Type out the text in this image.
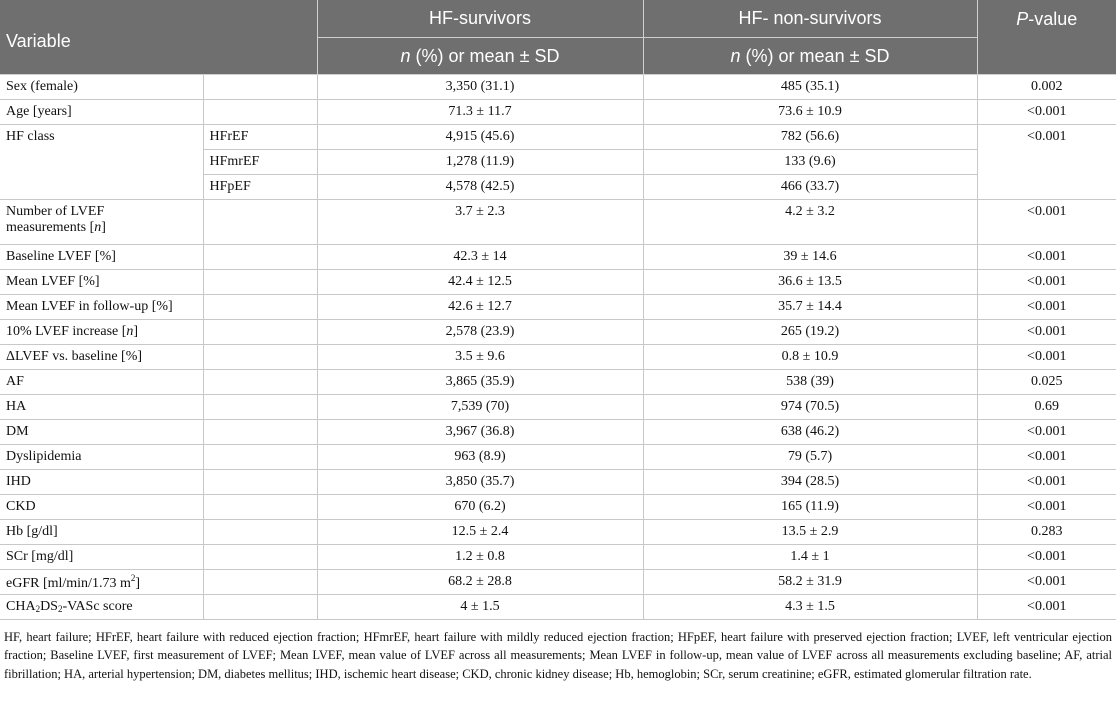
Variable		HF-survivors	HF- non-survivors	P-value
		n (%) or mean ± SD	n (%) or mean ± SD	
Sex (female)		3,350 (31.1)	485 (35.1)	0.002
Age [years]		71.3 ± 11.7	73.6 ± 10.9	<0.001
HF class	HFrEF	4,915 (45.6)	782 (56.6)	<0.001
	HFmrEF	1,278 (11.9)	133 (9.6)	
	HFpEF	4,578 (42.5)	466 (33.7)	
Number of LVEF
measurements [n]		3.7 ± 2.3	4.2 ± 3.2	<0.001
Baseline LVEF [%]		42.3 ± 14	39 ± 14.6	<0.001
Mean LVEF [%]		42.4 ± 12.5	36.6 ± 13.5	<0.001
Mean LVEF in follow-up [%]		42.6 ± 12.7	35.7 ± 14.4	<0.001
10% LVEF increase [n]		2,578 (23.9)	265 (19.2)	<0.001
ΔLVEF vs. baseline [%]		3.5 ± 9.6	0.8 ± 10.9	<0.001
AF		3,865 (35.9)	538 (39)	0.025
HA		7,539 (70)	974 (70.5)	0.69
DM		3,967 (36.8)	638 (46.2)	<0.001
Dyslipidemia		963 (8.9)	79 (5.7)	<0.001
IHD		3,850 (35.7)	394 (28.5)	<0.001
CKD		670 (6.2)	165 (11.9)	<0.001
Hb [g/dl]		12.5 ± 2.4	13.5 ± 2.9	0.283
SCr [mg/dl]		1.2 ± 0.8	1.4 ± 1	<0.001
eGFR [ml/min/1.73 $m^2$]		68.2 ± 28.8	58.2 ± 31.9	<0.001
$CHA_2DS_2$-VASc score		4 ± 1.5	4.3 ± 1.5	<0.001
HF, heart failure; HFrEF, heart failure with reduced ejection fraction; HFmrEF, heart failure with mildly reduced ejection fraction; HFpEF, heart failure with preserved ejection fraction; LVEF, left ventricular ejection fraction; Baseline LVEF, first measurement of LVEF; Mean LVEF, mean value of LVEF across all measurements; Mean LVEF in follow-up, mean value of LVEF across all measurements excluding baseline; AF, atrial fibrillation; HA, arterial hypertension; DM, diabetes mellitus; IHD, ischemic heart disease; CKD, chronic kidney disease; Hb, hemoglobin; SCr, serum creatinine; eGFR, estimated glomerular filtration rate.
